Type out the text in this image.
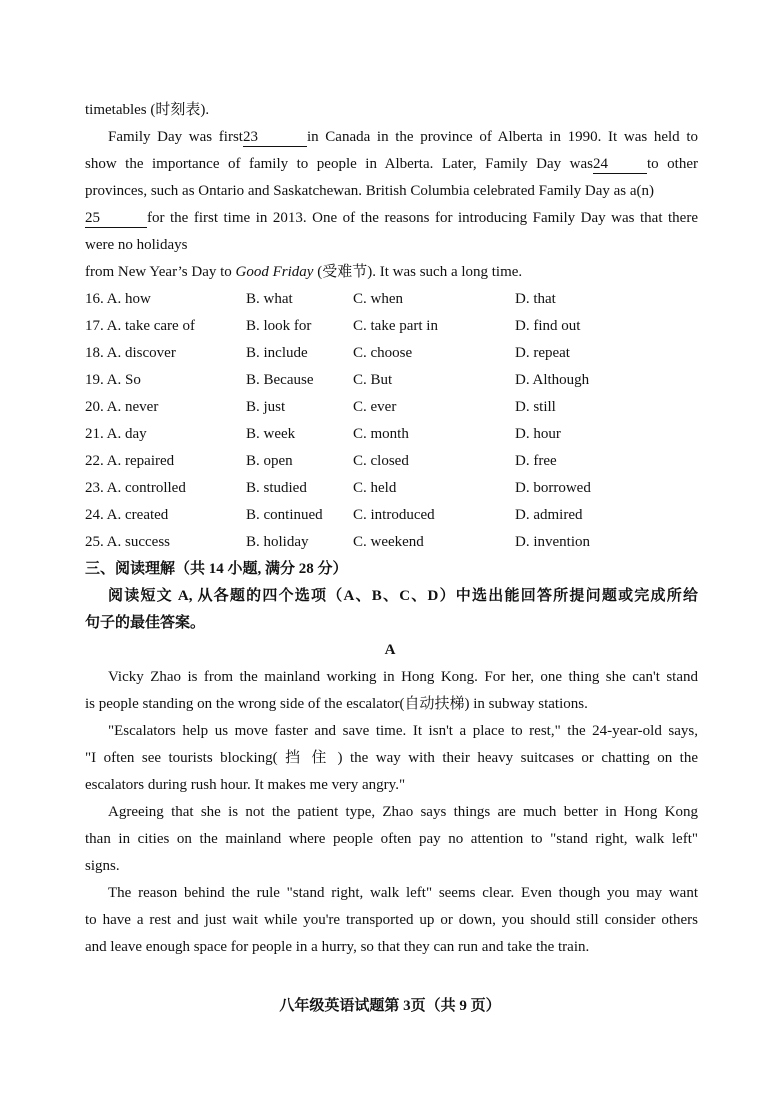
timetables (时刻表).
Family Day was first23	in Canada in the province of Alberta in 1990. It was held to
show the importance of family to people in Alberta. Later, Family Day was24	to other
provinces, such as Ontario and Saskatchewan. British Columbia celebrated Family Day as a(n)
25	for the first time in 2013. One of the reasons for introducing Family Day was that there
were no holidays
from New Year’s Day to Good Friday (受难节). It was such a long time.
16. A. how	B. what	C. when	D. that
17. A. take care of	B. look for	C. take part in	D. find out
18. A. discover	B. include	C. choose	D. repeat
19. A. So	B. Because	C. But	D. Although
20. A. never	B. just	C. ever	D. still
21. A. day	B. week	C. month	D. hour
22. A. repaired	B. open	C. closed	D. free
23. A. controlled	B. studied	C. held	D. borrowed
24. A. created	B. continued C. introduced	D. admired
25. A. success	B. holiday	C. weekend	D. invention
三、阅读理解（共 14 小题, 满分 28 分）
阅读短文 A, 从各题的四个选项（A、B、C、D）中选出能回答所提问题或完成所给
句子的最佳答案。
A
Vicky Zhao is from the mainland working in Hong Kong. For her, one thing she can't stand
is people standing on the wrong side of the escalator(自动扶梯) in subway stations.
"Escalators help us move faster and save time. It isn't a place to rest," the 24-year-old says,
"I often see tourists blocking( 挡 住 ) the way with their heavy suitcases or chatting on the
escalators during rush hour. It makes me very angry."
Agreeing that she is not the patient type, Zhao says things are much better in Hong Kong
than in cities on the mainland where people often pay no attention to "stand right, walk left"
signs.
The reason behind the rule "stand right, walk left" seems clear. Even though you may want
to have a rest and just wait while you're transported up or down, you should still consider others
and leave enough space for people in a hurry, so that they can run and take the train.
八年级英语试题第 3页（共 9 页）
